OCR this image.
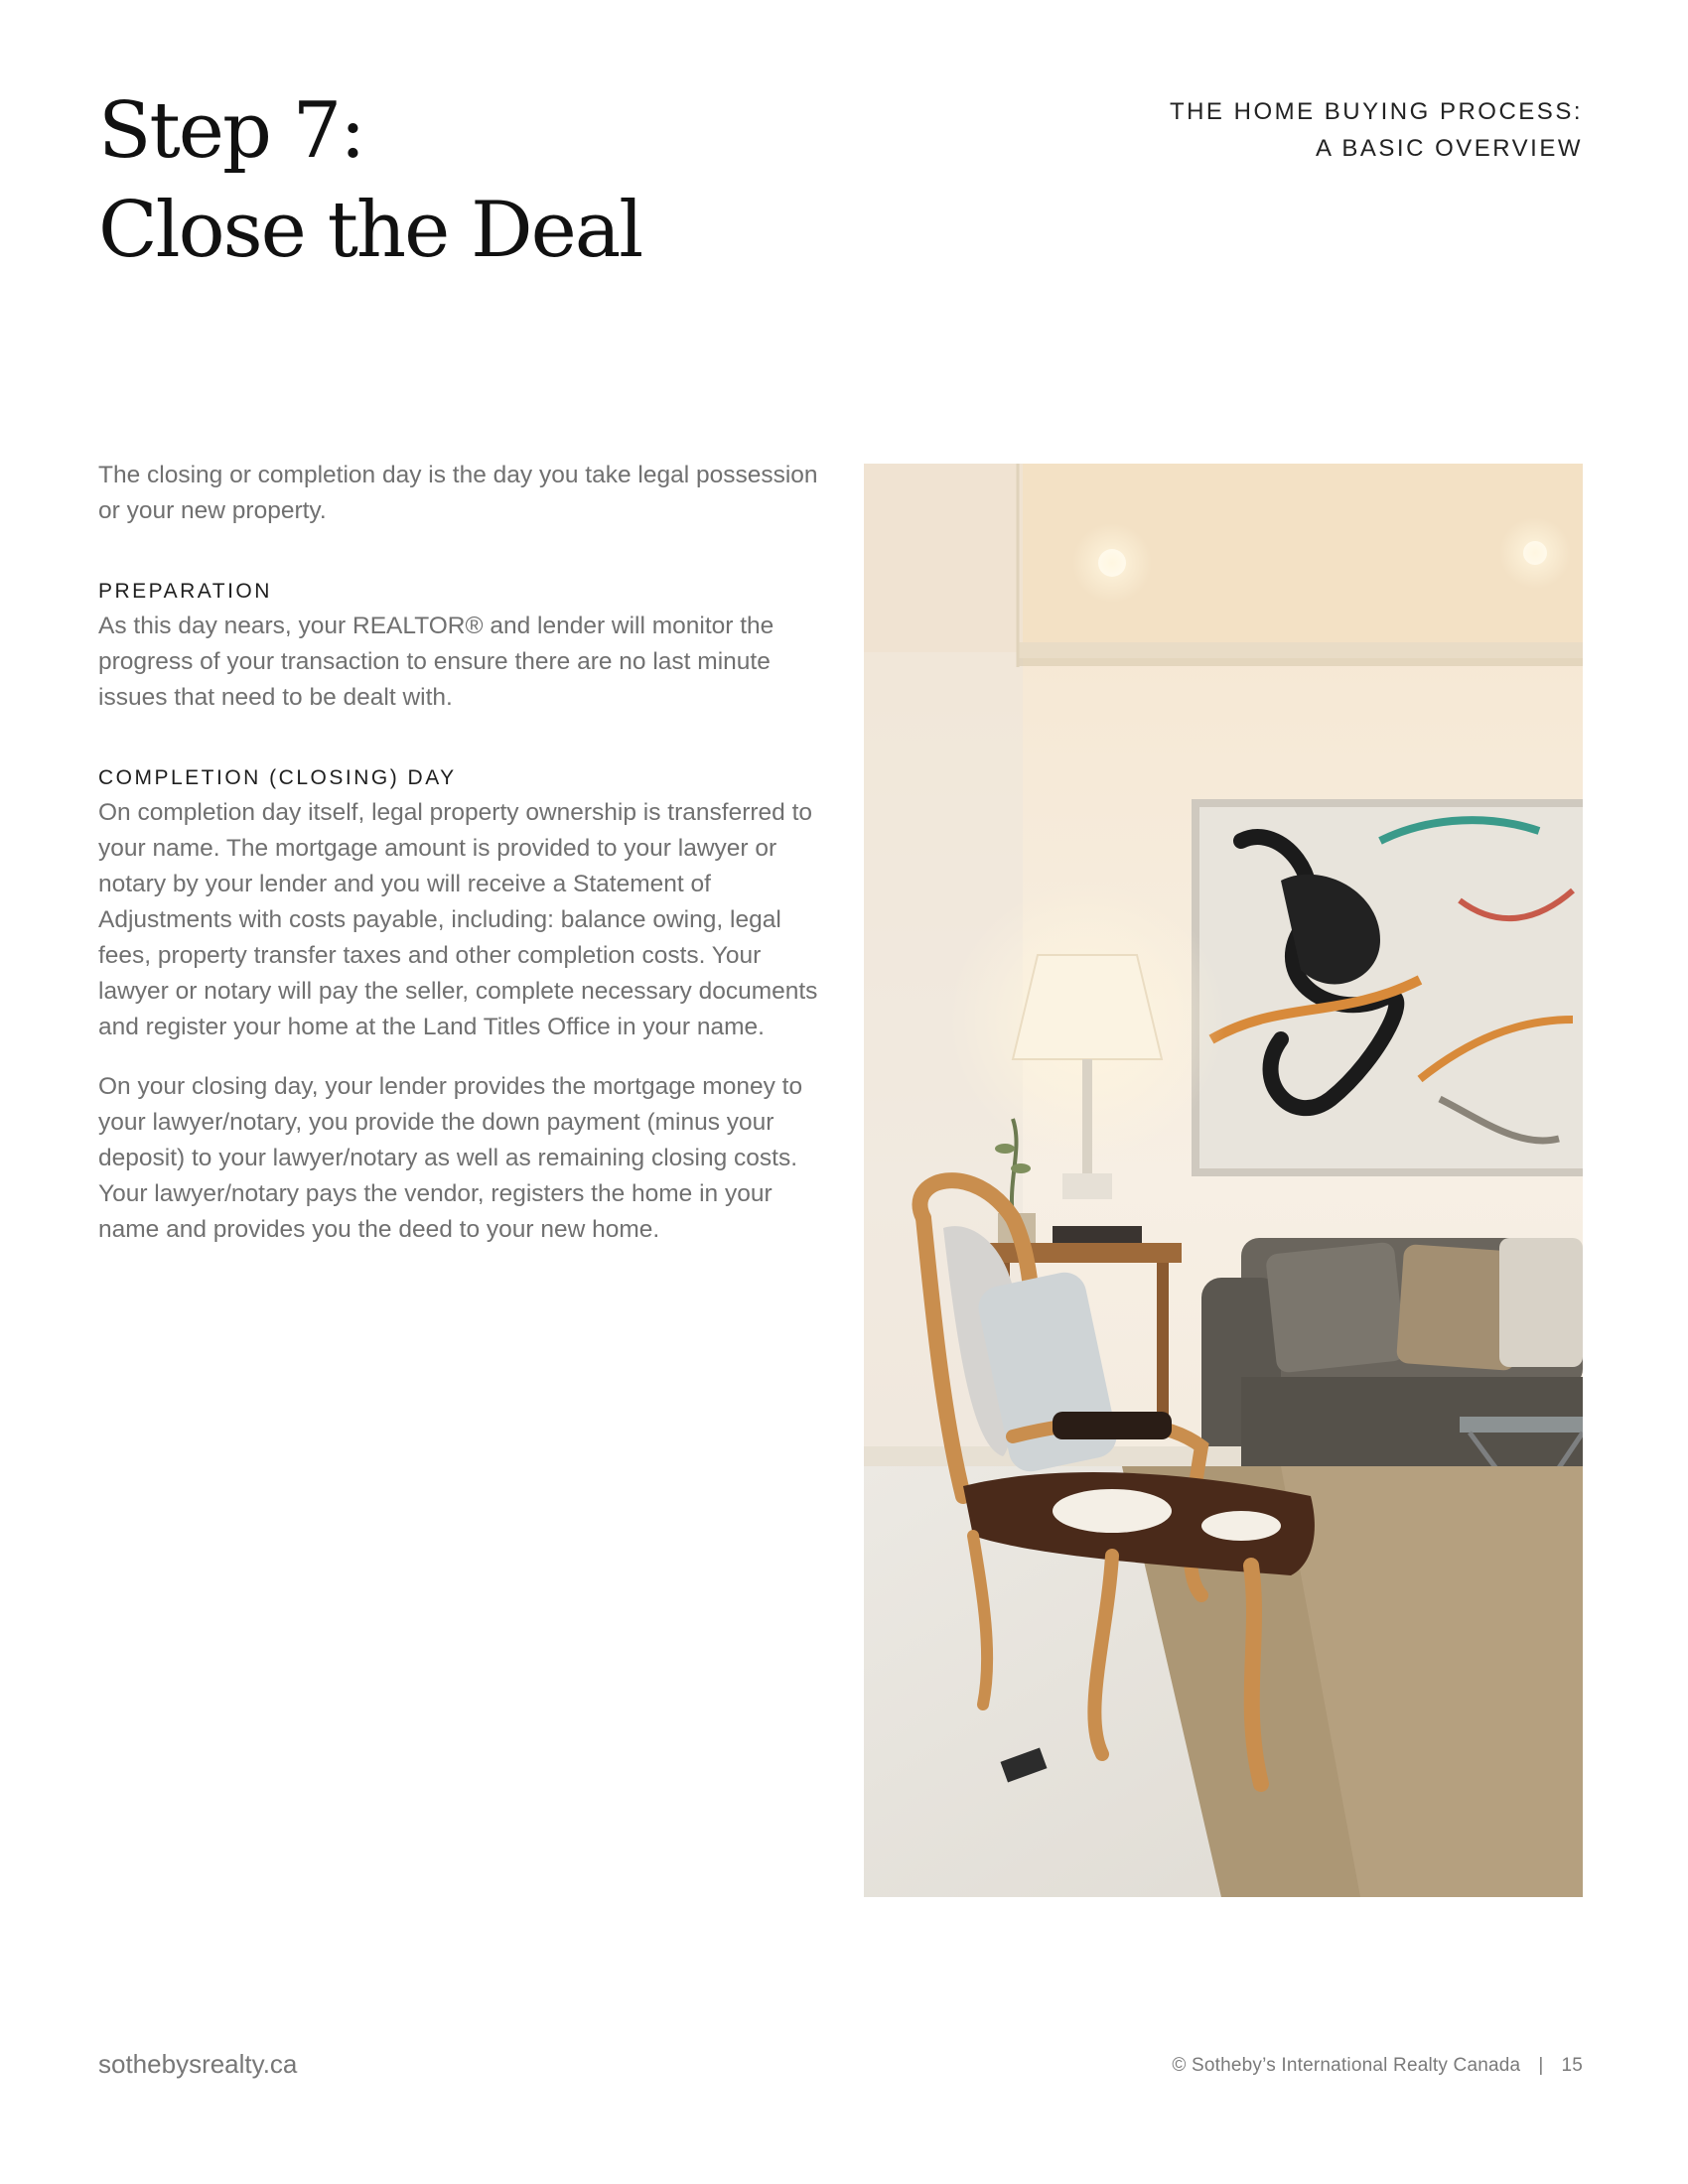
Step 7:
Close the Deal
THE HOME BUYING PROCESS:
A BASIC OVERVIEW

The closing or completion day is the day you take legal possession or your new property.

PREPARATION

As this day nears, your REALTOR® and lender will monitor the progress of your transaction to ensure there are no last minute issues that need to be dealt with.

COMPLETION (CLOSING) DAY

On completion day itself, legal property ownership is transferred to your name. The mortgage amount is provided to your lawyer or notary by your lender and you will receive a Statement of Adjustments with costs payable, including: balance owing, legal fees, property transfer taxes and other completion costs. Your lawyer or notary will pay the seller, complete necessary documents and register your home at the Land Titles Office in your name.

On your closing day, your lender provides the mortgage money to your lawyer/notary, you provide the down payment (minus your deposit) to your lawyer/notary as well as remaining closing costs. Your lawyer/notary pays the vendor, registers the home in your name and provides you the deed to your new home.

sothebysrealty.ca	© Sotheby’s International Realty Canada | 15
